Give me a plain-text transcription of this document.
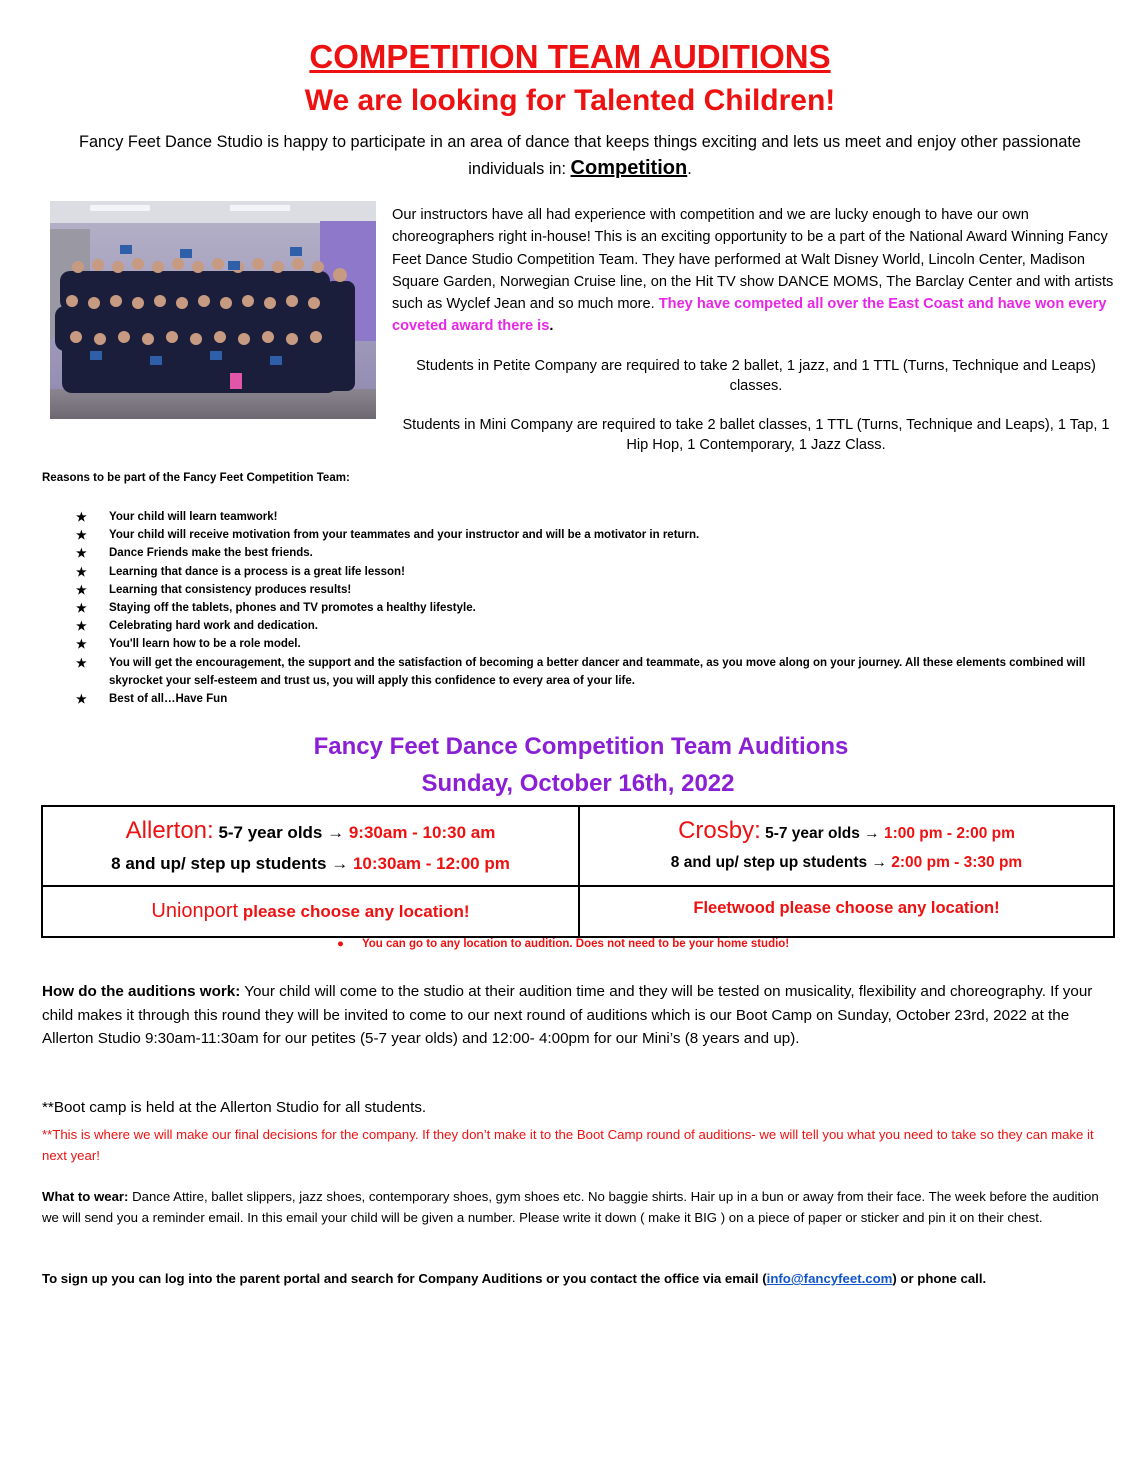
COMPETITION TEAM AUDITIONS
We are looking for Talented Children!
Fancy Feet Dance Studio is happy to participate in an area of dance that keeps things exciting and lets us meet and enjoy other passionate individuals in: Competition.
Our instructors have all had experience with competition and we are lucky enough to have our own choreographers right in-house! This is an exciting opportunity to be a part of the National Award Winning Fancy Feet Dance Studio Competition Team. They have performed at Walt Disney World, Lincoln Center, Madison Square Garden, Norwegian Cruise line, on the Hit TV show DANCE MOMS, The Barclay Center and with artists such as Wyclef Jean and so much more. They have competed all over the East Coast and have won every coveted award there is.
Students in Petite Company are required to take 2 ballet, 1 jazz, and 1 TTL (Turns, Technique and Leaps) classes.
Students in Mini Company are required to take 2 ballet classes, 1 TTL (Turns, Technique and Leaps), 1 Tap, 1 Hip Hop, 1 Contemporary, 1 Jazz Class.
Reasons to be part of the Fancy Feet Competition Team:
★ Your child will learn teamwork!
★ Your child will receive motivation from your teammates and your instructor and will be a motivator in return.
★ Dance Friends make the best friends.
★ Learning that dance is a process is a great life lesson!
★ Learning that consistency produces results!
★ Staying off the tablets, phones and TV promotes a healthy lifestyle.
★ Celebrating hard work and dedication.
★ You'll learn how to be a role model.
★ You will get the encouragement, the support and the satisfaction of becoming a better dancer and teammate, as you move along on your journey. All these elements combined will skyrocket your self-esteem and trust us, you will apply this confidence to every area of your life.
★ Best of all…Have Fun
Fancy Feet Dance Competition Team Auditions
Sunday, October 16th, 2022
Allerton: 5-7 year olds → 9:30am - 10:30 am
8 and up/ step up students → 10:30am - 12:00 pm
Crosby: 5-7 year olds → 1:00 pm - 2:00 pm
8 and up/ step up students → 2:00 pm - 3:30 pm
Unionport please choose any location!	Fleetwood please choose any location!
● You can go to any location to audition. Does not need to be your home studio!
How do the auditions work: Your child will come to the studio at their audition time and they will be tested on musicality, flexibility and choreography. If your child makes it through this round they will be invited to come to our next round of auditions which is our Boot Camp on Sunday, October 23rd, 2022 at the Allerton Studio 9:30am-11:30am for our petites (5-7 year olds) and 12:00- 4:00pm for our Mini’s (8 years and up).
**Boot camp is held at the Allerton Studio for all students.
**This is where we will make our final decisions for the company. If they don’t make it to the Boot Camp round of auditions- we will tell you what you need to take so they can make it next year!
What to wear: Dance Attire, ballet slippers, jazz shoes, contemporary shoes, gym shoes etc. No baggie shirts. Hair up in a bun or away from their face. The week before the audition we will send you a reminder email. In this email your child will be given a number. Please write it down ( make it BIG ) on a piece of paper or sticker and pin it on their chest.
To sign up you can log into the parent portal and search for Company Auditions or you contact the office via email (info@fancyfeet.com) or phone call.
